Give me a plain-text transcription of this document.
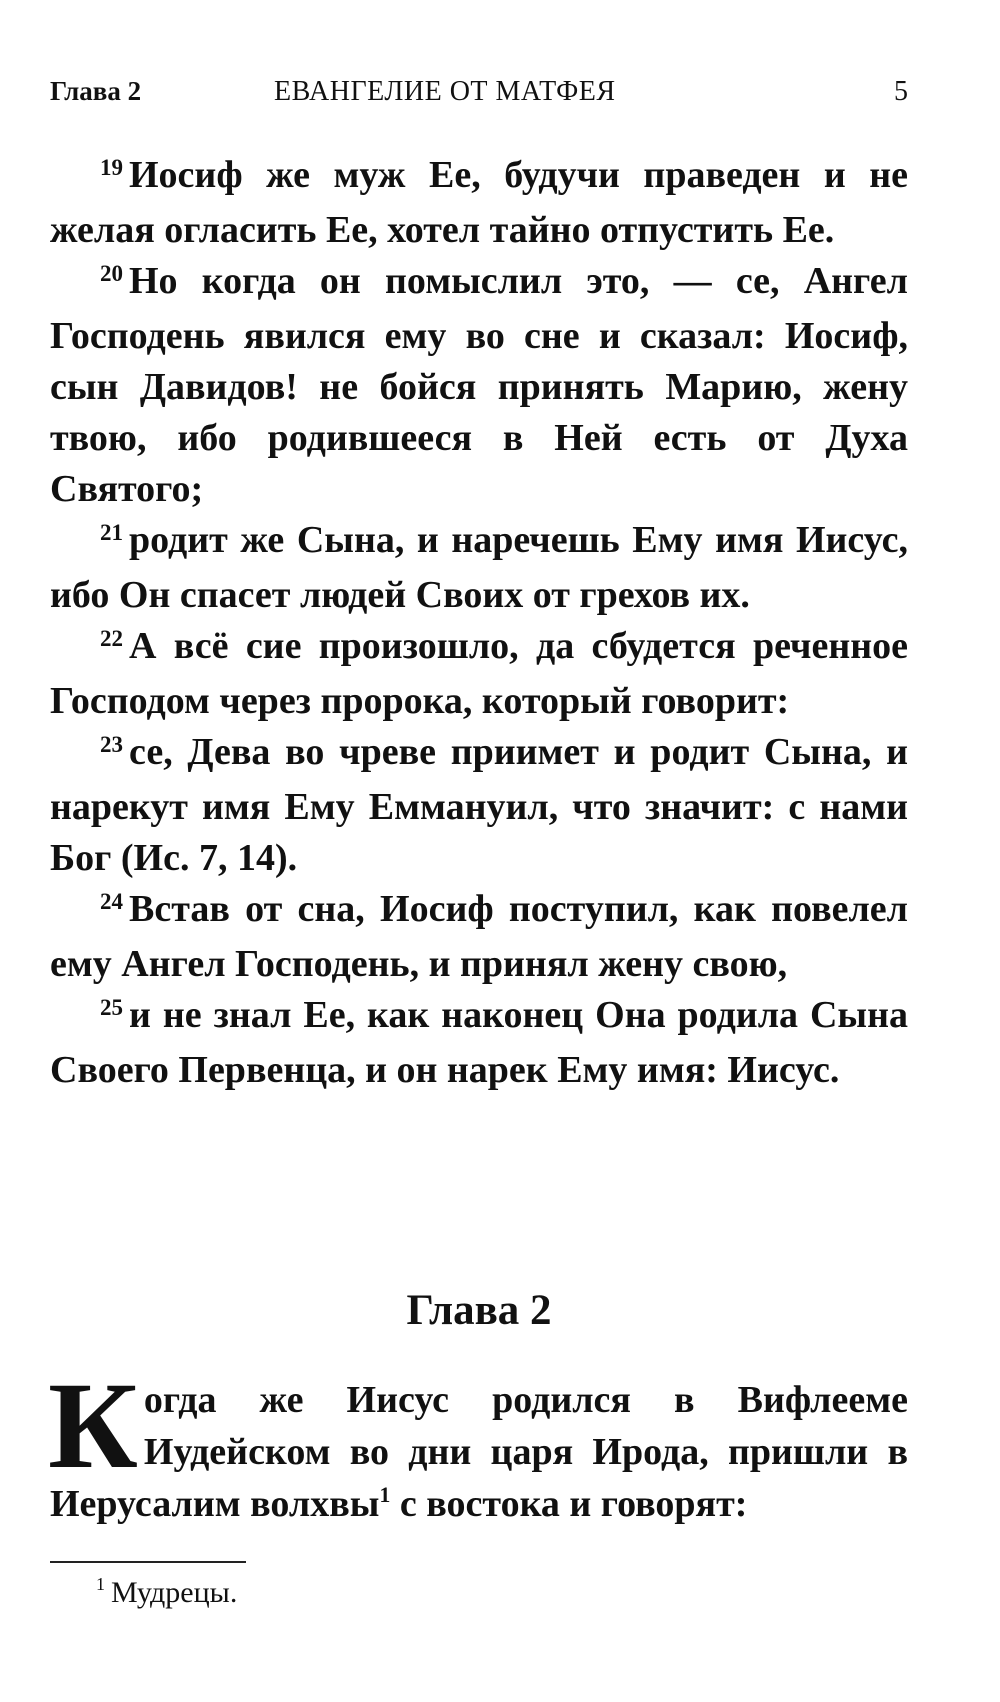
Глава 2	ЕВАНГЕЛИЕ ОТ МАТФЕЯ	5

$^{19}$ Иосиф же муж Ее, будучи праведен и не желая огласить Ее, хотел тайно отпустить Ее.

$^{20}$ Но когда он помыслил это, — се, Ангел Господень явился ему во сне и сказал: Иосиф, сын Давидов! не бойся принять Марию, жену твою, ибо родившееся в Ней есть от Духа Святого;

$^{21}$ родит же Сына, и наречешь Ему имя Иисус, ибо Он спасет людей Своих от грехов их.

$^{22}$ А всё сие произошло, да сбудется реченное Господом через пророка, который говорит:

$^{23}$ се, Дева во чреве приимет и родит Сына, и нарекут имя Ему Еммануил, что значит: с нами Бог (Ис. 7, 14).

$^{24}$ Встав от сна, Иосиф поступил, как повелел ему Ангел Господень, и принял жену свою,

$^{25}$ и не знал Ее, как наконец Она родила Сына Своего Первенца, и он нарек Ему имя: Иисус.

Глава 2
Когда же Иисус родился в Вифлееме Иудейском во дни царя Ирода, пришли в Иерусалим волхвы$^1$ с востока и говорят:
$^1$ Мудрецы.
